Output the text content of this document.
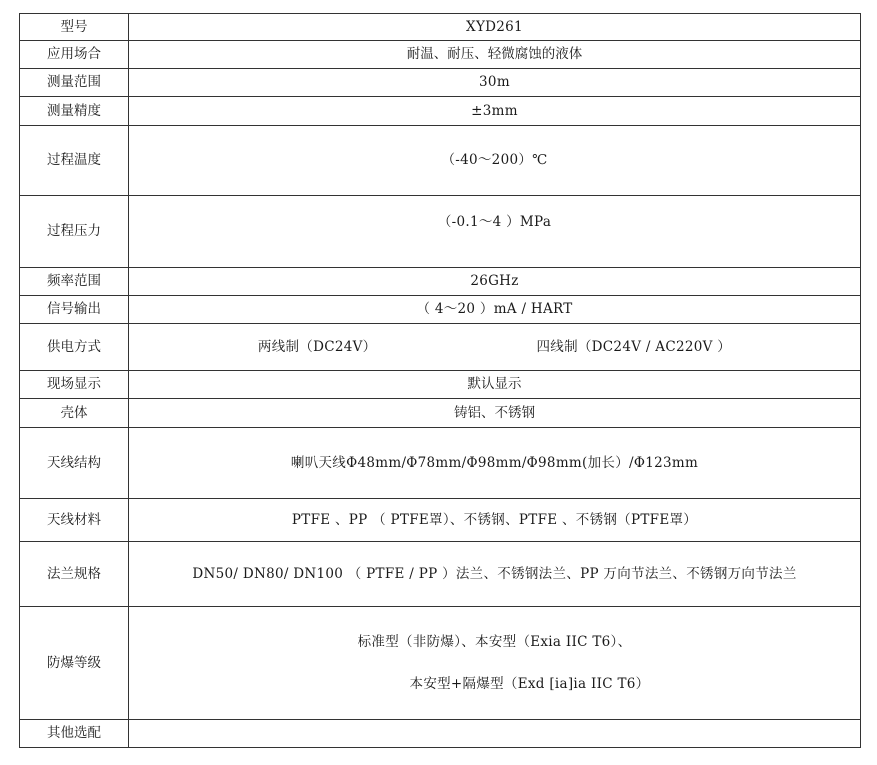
型号	XYD261
应用场合	耐温、耐压、轻微腐蚀的液体
测量范围	30m
测量精度	±3mm
过程温度	（-40～200）℃
过程压力	（-0.1～4 ）MPa
频率范围	26GHz
信号输出	（ 4～20 ）mA / HART
供电方式	两线制（DC24V） 四线制（DC24V / AC220V ）

现场显示	默认显示
壳体	铸铝、不锈钢
天线结构	喇叭天线Φ48mm/Φ78mm/Φ98mm/Φ98mm(加长）/Φ123mm
天线材料	PTFE 、PP （ PTFE罩）、不锈钢、PTFE 、不锈钢（PTFE罩）
法兰规格	DN50/ DN80/ DN100 （ PTFE / PP ）法兰、不锈钢法兰、PP 万向节法兰、不锈钢万向节法兰
防爆等级	标准型（非防爆）、本安型（Exia IIC T6）、
本安型+隔爆型（Exd [ia]ia IIC T6）

其他选配	
